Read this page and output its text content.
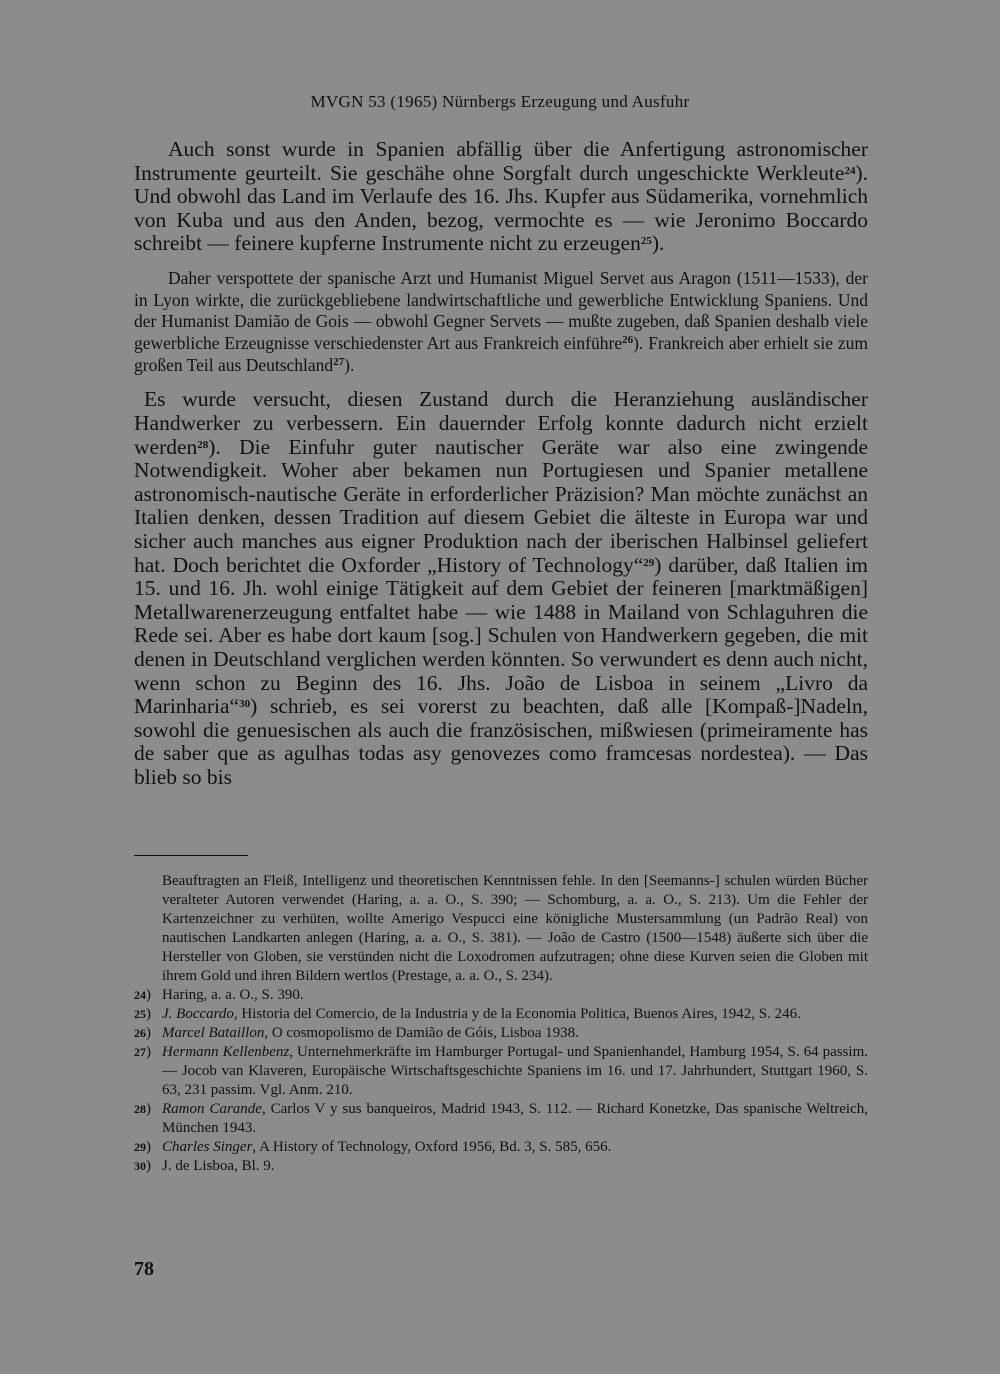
MVGN 53 (1965) Nürnbergs Erzeugung und Ausfuhr

Auch sonst wurde in Spanien abfällig über die Anfertigung astronomischer Instrumente geurteilt. Sie geschähe ohne Sorgfalt durch ungeschickte Werkleute$^{24}$). Und obwohl das Land im Verlaufe des 16. Jhs. Kupfer aus Südamerika, vornehmlich von Kuba und aus den Anden, bezog, vermochte es — wie Jeronimo Boccardo schreibt — feinere kupferne Instrumente nicht zu erzeugen$^{25}$).

Daher verspottete der spanische Arzt und Humanist Miguel Servet aus Aragon (1511—1533), der in Lyon wirkte, die zurückgebliebene landwirtschaftliche und gewerbliche Entwicklung Spaniens. Und der Humanist Damião de Gois — obwohl Gegner Servets — mußte zugeben, daß Spanien deshalb viele gewerbliche Erzeugnisse verschiedenster Art aus Frankreich einführe$^{26}$). Frankreich aber erhielt sie zum großen Teil aus Deutschland$^{27}$).

Es wurde versucht, diesen Zustand durch die Heranziehung ausländischer Handwerker zu verbessern. Ein dauernder Erfolg konnte dadurch nicht erzielt werden$^{28}$). Die Einfuhr guter nautischer Geräte war also eine zwingende Notwendigkeit. Woher aber bekamen nun Portugiesen und Spanier metallene astronomisch-nautische Geräte in erforderlicher Präzision? Man möchte zunächst an Italien denken, dessen Tradition auf diesem Gebiet die älteste in Europa war und sicher auch manches aus eigner Produktion nach der iberischen Halbinsel geliefert hat. Doch berichtet die Oxforder „History of Technology“$^{29}$) darüber, daß Italien im 15. und 16. Jh. wohl einige Tätigkeit auf dem Gebiet der feineren [marktmäßigen] Metallwarenerzeugung entfaltet habe — wie 1488 in Mailand von Schlaguhren die Rede sei. Aber es habe dort kaum [sog.] Schulen von Handwerkern gegeben, die mit denen in Deutschland verglichen werden könnten. So verwundert es denn auch nicht, wenn schon zu Beginn des 16. Jhs. João de Lisboa in seinem „Livro da Marinharia“$^{30}$) schrieb, es sei vorerst zu beachten, daß alle [Kompaß-]Nadeln, sowohl die genuesischen als auch die französischen, mißwiesen (primeiramente has de saber que as agulhas todas asy genovezes como framcesas nordestea). — Das blieb so bis

Beauftragten an Fleiß, Intelligenz und theoretischen Kenntnissen fehle. In den [Seemanns-] schulen würden Bücher veralteter Autoren verwendet (Haring, a. a. O., S. 390; — Schomburg, a. a. O., S. 213). Um die Fehler der Kartenzeichner zu verhüten, wollte Amerigo Vespucci eine königliche Mustersammlung (un Padrão Real) von nautischen Landkarten anlegen (Haring, a. a. O., S. 381). — João de Castro (1500—1548) äußerte sich über die Hersteller von Globen, sie verstünden nicht die Loxodromen aufzutragen; ohne diese Kurven seien die Globen mit ihrem Gold und ihren Bildern wertlos (Prestage, a. a. O., S. 234).
24) Haring, a. a. O., S. 390.
25) J. Boccardo, Historia del Comercio, de la Industria y de la Economia Politica, Buenos Aires, 1942, S. 246.
26) Marcel Bataillon, O cosmopolismo de Damião de Góis, Lisboa 1938.
27) Hermann Kellenbenz, Unternehmerkräfte im Hamburger Portugal- und Spanienhandel, Hamburg 1954, S. 64 passim. — Jocob van Klaveren, Europäische Wirtschaftsgeschichte Spaniens im 16. und 17. Jahrhundert, Stuttgart 1960, S. 63, 231 passim. Vgl. Anm. 210.
28) Ramon Carande, Carlos V y sus banqueiros, Madrid 1943, S. 112. — Richard Konetzke, Das spanische Weltreich, München 1943.
29) Charles Singer, A History of Technology, Oxford 1956, Bd. 3, S. 585, 656.
30) J. de Lisboa, Bl. 9.
78
